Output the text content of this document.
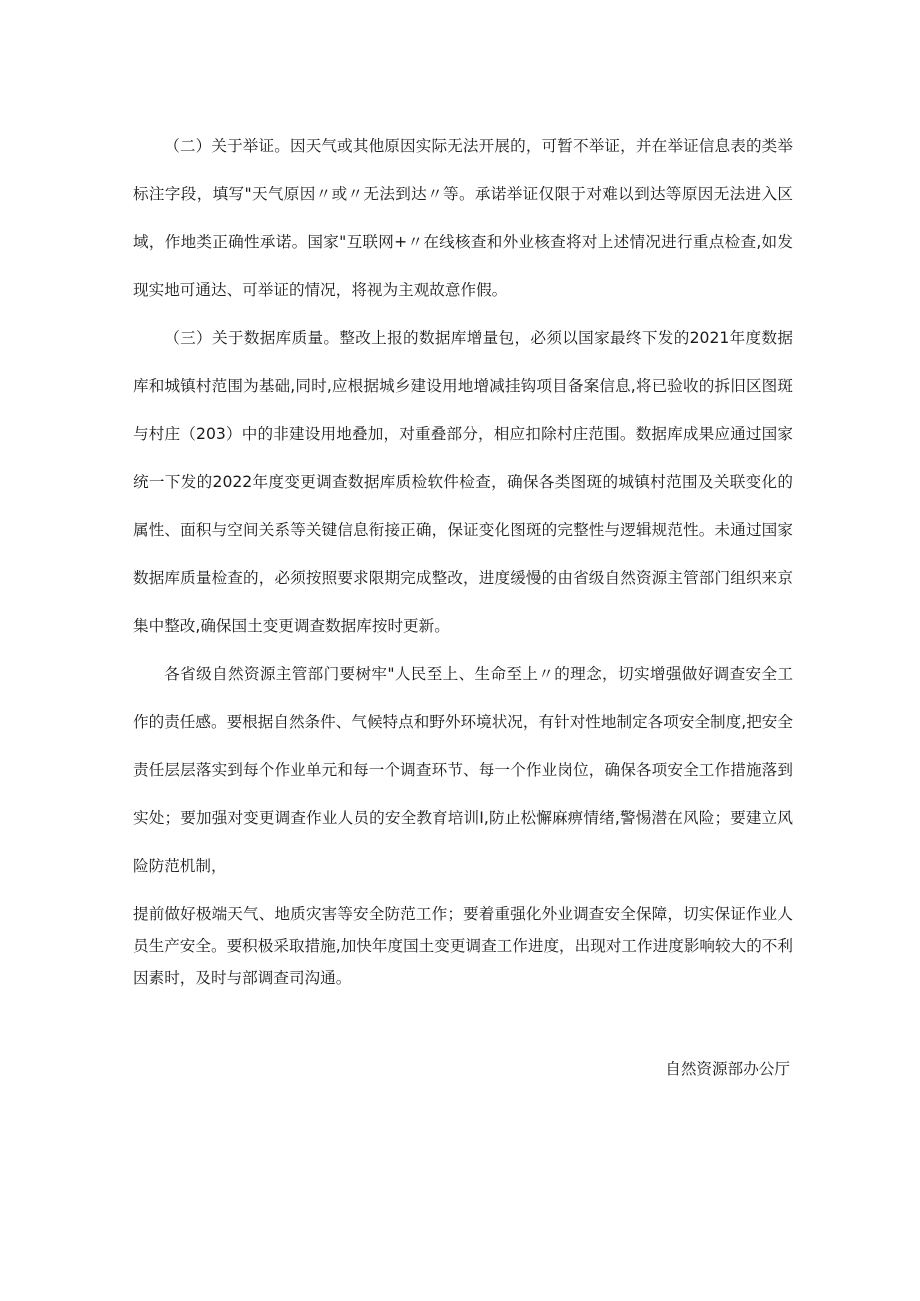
（二）关于举证。因天气或其他原因实际无法开展的，可暂不举证，并在举证信息表的类举标注字段，填写"天气原因〃或〃无法到达〃等。承诺举证仅限于对难以到达等原因无法进入区域，作地类正确性承诺。国家"互联网+〃在线核查和外业核查将对上述情况进行重点检查,如发现实地可通达、可举证的情况，将视为主观故意作假。

（三）关于数据库质量。整改上报的数据库增量包，必须以国家最终下发的2021年度数据库和城镇村范围为基础,同时,应根据城乡建设用地增减挂钩项目备案信息,将已验收的拆旧区图斑与村庄（203）中的非建设用地叠加，对重叠部分，相应扣除村庄范围。数据库成果应通过国家统一下发的2022年度变更调查数据库质检软件检查，确保各类图斑的城镇村范围及关联变化的属性、面积与空间关系等关键信息衔接正确，保证变化图斑的完整性与逻辑规范性。未通过国家数据库质量检查的，必须按照要求限期完成整改，进度缓慢的由省级自然资源主管部门组织来京集中整改,确保国土变更调查数据库按时更新。

各省级自然资源主管部门要树牢"人民至上、生命至上〃的理念，切实增强做好调查安全工作的责任感。要根据自然条件、气候特点和野外环境状况，有针对性地制定各项安全制度,把安全责任层层落实到每个作业单元和每一个调查环节、每一个作业岗位，确保各项安全工作措施落到实处；要加强对变更调查作业人员的安全教育培训I,防止松懈麻痹情绪,警惕潜在风险；要建立风险防范机制，

提前做好极端天气、地质灾害等安全防范工作；要着重强化外业调查安全保障，切实保证作业人员生产安全。要积极采取措施,加快年度国土变更调查工作进度，出现对工作进度影响较大的不利因素时，及时与部调查司沟通。

自然资源部办公厅
